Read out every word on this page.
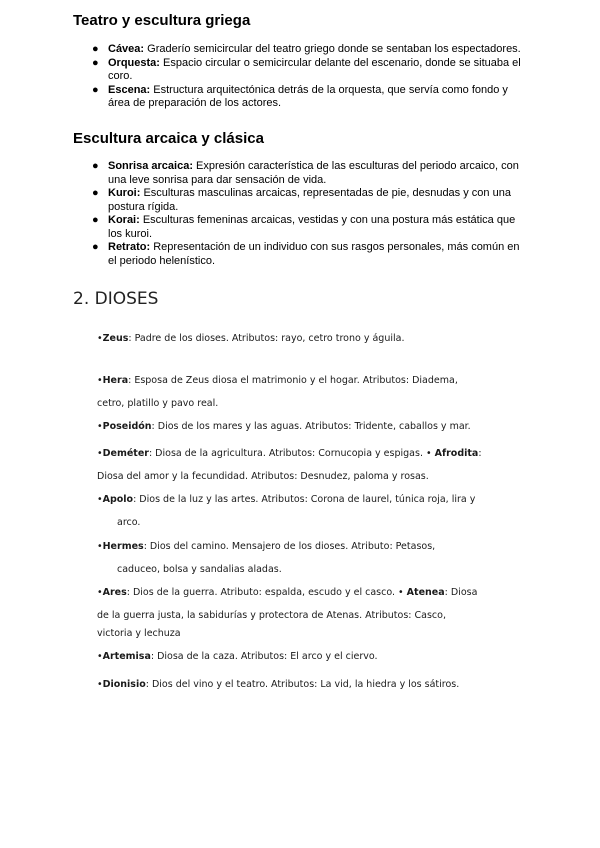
Teatro y escultura griega
● Cávea: Graderío semicircular del teatro griego donde se sentaban los espectadores.
● Orquesta: Espacio circular o semicircular delante del escenario, donde se situaba el coro.
● Escena: Estructura arquitectónica detrás de la orquesta, que servía como fondo y área de preparación de los actores.
Escultura arcaica y clásica
● Sonrisa arcaica: Expresión característica de las esculturas del periodo arcaico, con una leve sonrisa para dar sensación de vida.
● Kuroi: Esculturas masculinas arcaicas, representadas de pie, desnudas y con una postura rígida.
● Korai: Esculturas femeninas arcaicas, vestidas y con una postura más estática que los kuroi.
● Retrato: Representación de un individuo con sus rasgos personales, más común en el periodo helenístico.
2. DIOSES
•Zeus: Padre de los dioses. Atributos: rayo, cetro trono y águila.
•Hera: Esposa de Zeus diosa el matrimonio y el hogar. Atributos: Diadema,
cetro, platillo y pavo real.
•Poseidón: Dios de los mares y las aguas. Atributos: Tridente, caballos y mar.
•Deméter: Diosa de la agricultura. Atributos: Cornucopia y espigas. • Afrodita:
Diosa del amor y la fecundidad. Atributos: Desnudez, paloma y rosas.
•Apolo: Dios de la luz y las artes. Atributos: Corona de laurel, túnica roja, lira y
arco.
•Hermes: Dios del camino. Mensajero de los dioses. Atributo: Petasos,
caduceo, bolsa y sandalias aladas.
•Ares: Dios de la guerra. Atributo: espalda, escudo y el casco. • Atenea: Diosa
de la guerra justa, la sabidurías y protectora de Atenas. Atributos: Casco,
victoria y lechuza
•Artemisa: Diosa de la caza. Atributos: El arco y el ciervo.
•Dionisio: Dios del vino y el teatro. Atributos: La vid, la hiedra y los sátiros.
